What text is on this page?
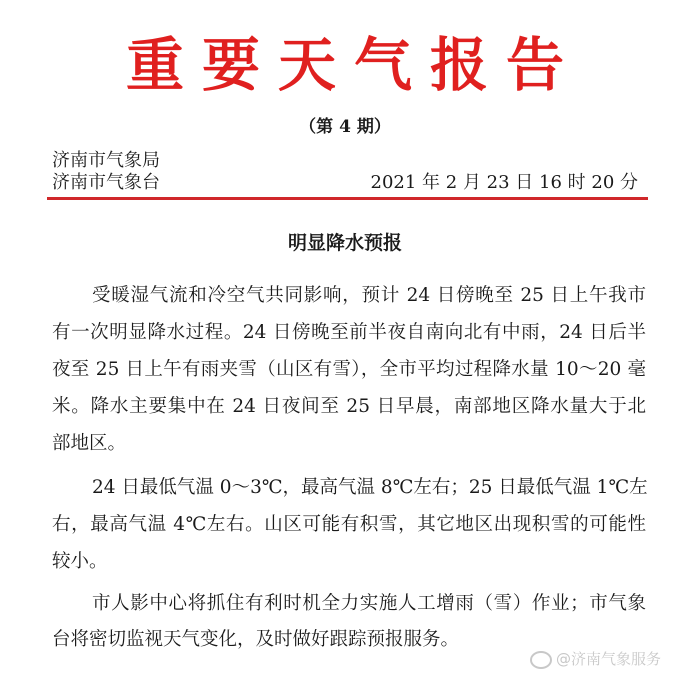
重要天气报告
（第 4 期）
济南市气象局
济南市气象台	2021 年 2 月 23 日 16 时 20 分
明显降水预报
受暖湿气流和冷空气共同影响，预计 24 日傍晚至 25 日上午我市
有一次明显降水过程。24 日傍晚至前半夜自南向北有中雨，24 日后半
夜至 25 日上午有雨夹雪（山区有雪），全市平均过程降水量 10～20 毫
米。降水主要集中在 24 日夜间至 25 日早晨，南部地区降水量大于北
部地区。
24 日最低气温 0～3℃，最高气温 8℃左右；25 日最低气温 1℃左
右，最高气温 4℃左右。山区可能有积雪，其它地区出现积雪的可能性
较小。
市人影中心将抓住有利时机全力实施人工增雨（雪）作业；市气象
台将密切监视天气变化，及时做好跟踪预报服务。
@济南气象服务
